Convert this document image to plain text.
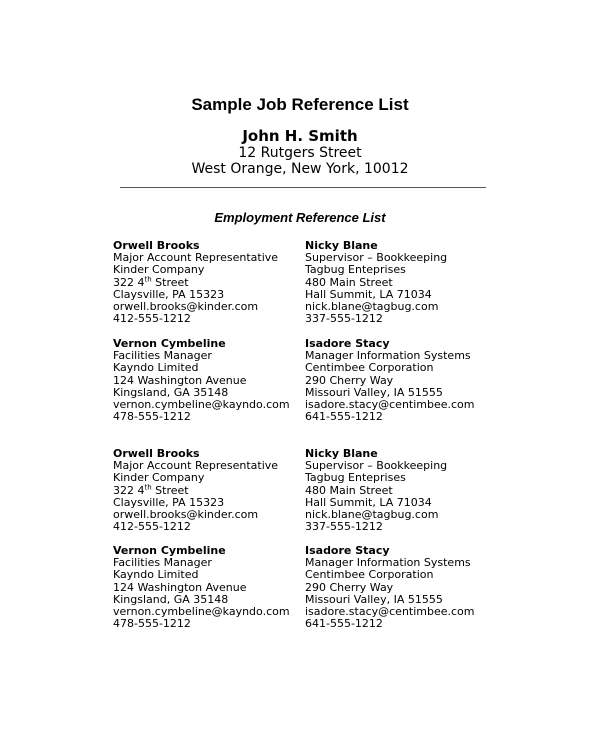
Sample Job Reference List
John H. Smith
12 Rutgers Street
West Orange, New York, 10012
Employment Reference List
Orwell Brooks
Major Account Representative
Kinder Company
322 4th Street
Claysville, PA 15323
orwell.brooks@kinder.com
412-555-1212
Nicky Blane
Supervisor – Bookkeeping
Tagbug Enteprises
480 Main Street
Hall Summit, LA 71034
nick.blane@tagbug.com
337-555-1212
Vernon Cymbeline
Facilities Manager
Kayndo Limited
124 Washington Avenue
Kingsland, GA 35148
vernon.cymbeline@kayndo.com
478-555-1212
Isadore Stacy
Manager Information Systems
Centimbee Corporation
290 Cherry Way
Missouri Valley, IA 51555
isadore.stacy@centimbee.com
641-555-1212
Orwell Brooks
Major Account Representative
Kinder Company
322 4th Street
Claysville, PA 15323
orwell.brooks@kinder.com
412-555-1212
Nicky Blane
Supervisor – Bookkeeping
Tagbug Enteprises
480 Main Street
Hall Summit, LA 71034
nick.blane@tagbug.com
337-555-1212
Vernon Cymbeline
Facilities Manager
Kayndo Limited
124 Washington Avenue
Kingsland, GA 35148
vernon.cymbeline@kayndo.com
478-555-1212
Isadore Stacy
Manager Information Systems
Centimbee Corporation
290 Cherry Way
Missouri Valley, IA 51555
isadore.stacy@centimbee.com
641-555-1212
